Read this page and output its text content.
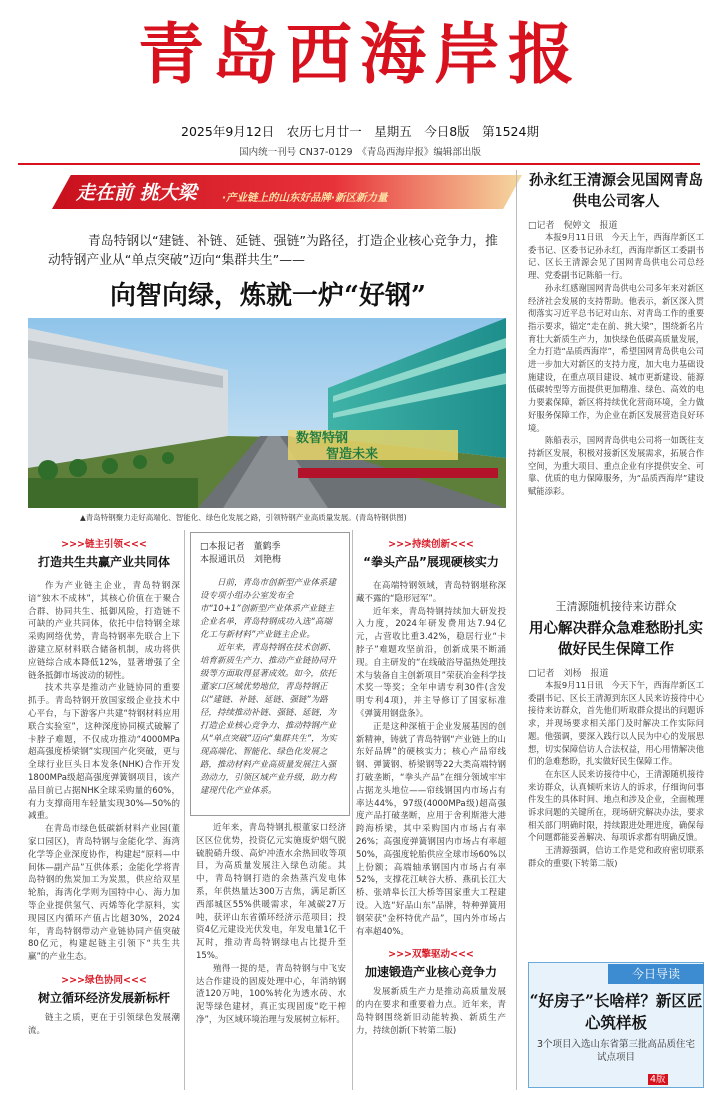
青岛西海岸报
2025年9月12日　农历七月廿一　星期五　今日8版　第1524期
国内统一刊号 CN37-0129　《青岛西海岸报》编辑部出版
走在前 挑大梁 ·产业链上的山东好品牌·新区新力量
青岛特钢以“建链、补链、延链、强链”为路径，打造企业核心竞争力，推动特钢产业从“单点突破”迈向“集群共生”——
向智向绿，炼就一炉“好钢”
数智特钢
智造未来
▲青岛特钢聚力走好高端化、智能化、绿色化发展之路，引领特钢产业高质量发展。(青岛特钢供图)
>>>链主引领<<<
打造共生共赢产业共同体

作为产业链主企业，青岛特钢深谙“独木不成林”，其核心价值在于聚合合群、协同共生、抵御风险，打造链不可缺的产业共同体，依托中信特钢全球采购网络优势，青岛特钢率先联合上下游建立原材料联合储备机制，成功将供应链综合成本降低12%，显著增强了全链条抵御市场波动的韧性。

技术共享是推动产业链协同的重要抓手。青岛特钢开放国家级企业技术中心平台，与下游客户共建“特钢材料应用联合实验室”，这种深度协同模式破解了卡脖子难题，不仅成功推动“4000MPa超高强度桥梁钢”实现国产化突破，更与全球行业巨头日本发条(NHK)合作开发1800MPa级超高强度弹簧钢项目，该产品目前已占据NHK全球采购量的60%，有力支撑商用车轻量实现30%—50%的减重。

在青岛市绿色低碳新材料产业园(董家口园区)，青岛特钢与金能化学、海湾化学等企业深度协作，构建起“原料—中间体—副产品”互供体系；金能化学将青岛特钢的焦炭加工为炭黑，供应给双星轮胎，海湾化学则为国特中心、海力加等企业提供氢气、丙烯等化学原料，实现园区内循环产值占比超30%，2024年，青岛特钢带动产业链协同产值突破80亿元，构建起链主引领下“共生共赢”的产业生态。

>>>绿色协同<<<
树立循环经济发展新标杆

链主之质，更在于引领绿色发展潮流。

□本报记者　董鹤季
本报通讯员　刘艳梅

日前，青岛市创新型产业体系建设专项小组办公室发布全市“10+1”创新型产业体系产业链主企业名单，青岛特钢成功入选“高端化工与新材料”产业链主企业。

近年来，青岛特钢在技术创新、培育新质生产力、推动产业链协同升级等方面取得显著成效。如今，依托董家口区域优势地位，青岛特钢正以“建链、补链、延链、强链”为路径，持续推动补链、强链、延链，为打造企业核心竞争力、推动特钢产业从“单点突破”迈向“集群共生”，为实现高端化、智能化、绿色化发展之路，推动材料产业高质量发展注入强劲动力，引领区域产业升级，助力构建现代化产业体系。

近年来，青岛特钢扎根董家口经济区区位优势，投资亿元实施废炉烟气脱硫脱硝升级、高炉冲渣水余热回收等项目，为高质量发展注入绿色动能。其中，青岛特钢打造的余热蒸汽发电体系，年供热量达300万吉焦，满足新区西部城区55%供暖需求，年减碳27万吨，获评山东省循环经济示范项目；投资4亿元建设光伏发电，年发电量1亿千瓦时，推动青岛特钢绿电占比提升至15%。

殖得一提的是，青岛特钢与中飞安达合作建设的固废处理中心，年消纳钢渣120万吨，100%转化为透水砖、水泥等绿色建材，真正实现固废“吃干榨净”，为区域环境治理与发展树立标杆。

>>>持续创新<<<
“拳头产品”展现硬核实力

在高端特钢领域，青岛特钢堪称深藏不露的“隐形冠军”。

近年来，青岛特钢持续加大研发投入力度，2024年研发费用达7.94亿元，占营收比重3.42%，稳居行业“卡脖子”难题攻坚前沿，创新成果不断涌现。自主研发的“在线破浴导温热处理技术与装备自主创新项目”荣获冶金科学技术奖一等奖；全年申请专利30件(含发明专利4项)，并主导修订了国家标准《弹簧用钢盘条》。

正是这种深植于企业发展基因的创新精神，铸就了青岛特钢“产业链上的山东好品牌”的硬核实力；核心产品帘线钢、弹簧钢、桥梁钢等22大类高端特钢打破垄断，“拳头产品”在细分领域牢牢占据龙头地位——帘线钢国内市场占有率达44%，97级(4000MPa级)超高强度产品打破垄断，应用于舍利斯港大港跨海桥梁，其中采购国内市场占有率26%；高强度弹簧钢国内市场占有率超50%，高强度轮胎供应全球市场60%以上份额；高端轴承钢国内市场占有率52%，支撑花江峡谷大桥、燕矶长江大桥、张靖皋长江大桥等国家重大工程建设。入选“好品山东”品牌，特种弹簧用钢荣获“金杯特优产品”，国内外市场占有率超40%。

>>>双擎驱动<<<
加速锻造产业核心竞争力

发展新质生产力是推动高质量发展的内在要求和重要着力点。近年来，青岛特钢围绕新旧动能转换、新质生产力，持续创新(下转第二版)

孙永红王清源会见国网青岛供电公司客人
□记者　倪婷文　报道

本报9月11日讯　今天上午，西海岸新区工委书记、区委书记孙永红，西海岸新区工委副书记、区长王清源会见了国网青岛供电公司总经理、党委副书记陈船一行。

孙永红感谢国网青岛供电公司多年来对新区经济社会发展的支持帮助。他表示，新区深入贯彻落实习近平总书记对山东、对青岛工作的重要指示要求，锚定“走在前、挑大梁”，围绕新名片育壮大新质生产力，加快绿色低碳高质量发展，全力打造“品质西海岸”，希望国网青岛供电公司进一步加大对新区的支持力度，加大电力基础设施建设，在重点项目建设、城市更新建设、能源低碳转型等方面提供更加精准、绿色、高效的电力要素保障，新区将持续优化营商环境，全力做好服务保障工作，为企业在新区发展营造良好环境。

陈船表示，国网青岛供电公司将一如既往支持新区发展，积极对接新区发展需求，拓展合作空间，为重大项目、重点企业有序提供安全、可靠、优质的电力保障服务，为“品质西海岸”建设赋能添彩。

王清源随机接待来访群众
用心解决群众急难愁盼扎实做好民生保障工作
□记者　刘杨　报道

本报9月11日讯　今天下午，西海岸新区工委副书记、区长王清源到东区人民来访接待中心接待来访群众，首先他们听取群众提出的问题诉求，并现场要求相关部门及时解决工作实际问题。他强调，要深入践行以人民为中心的发展思想，切实保障信访人合法权益，用心用情解决他们的急难愁盼，扎实做好民生保障工作。

在东区人民来访接待中心，王清源随机接待来访群众，认真倾听来访人的诉求，仔细询问事件发生的具体时间、地点和涉及企业，全面梳理诉求问题的关键所在，现场研究解决办法，要求相关部门明确时限，持续跟进处理进度，确保每个问题都能妥善解决、每项诉求都有明确反馈。

王清源强调，信访工作是党和政府密切联系群众的重要(下转第二版)

今日导读
“好房子”长啥样？新区匠心筑样板
3个项目入选山东省第三批高品质住宅试点项目
4版
